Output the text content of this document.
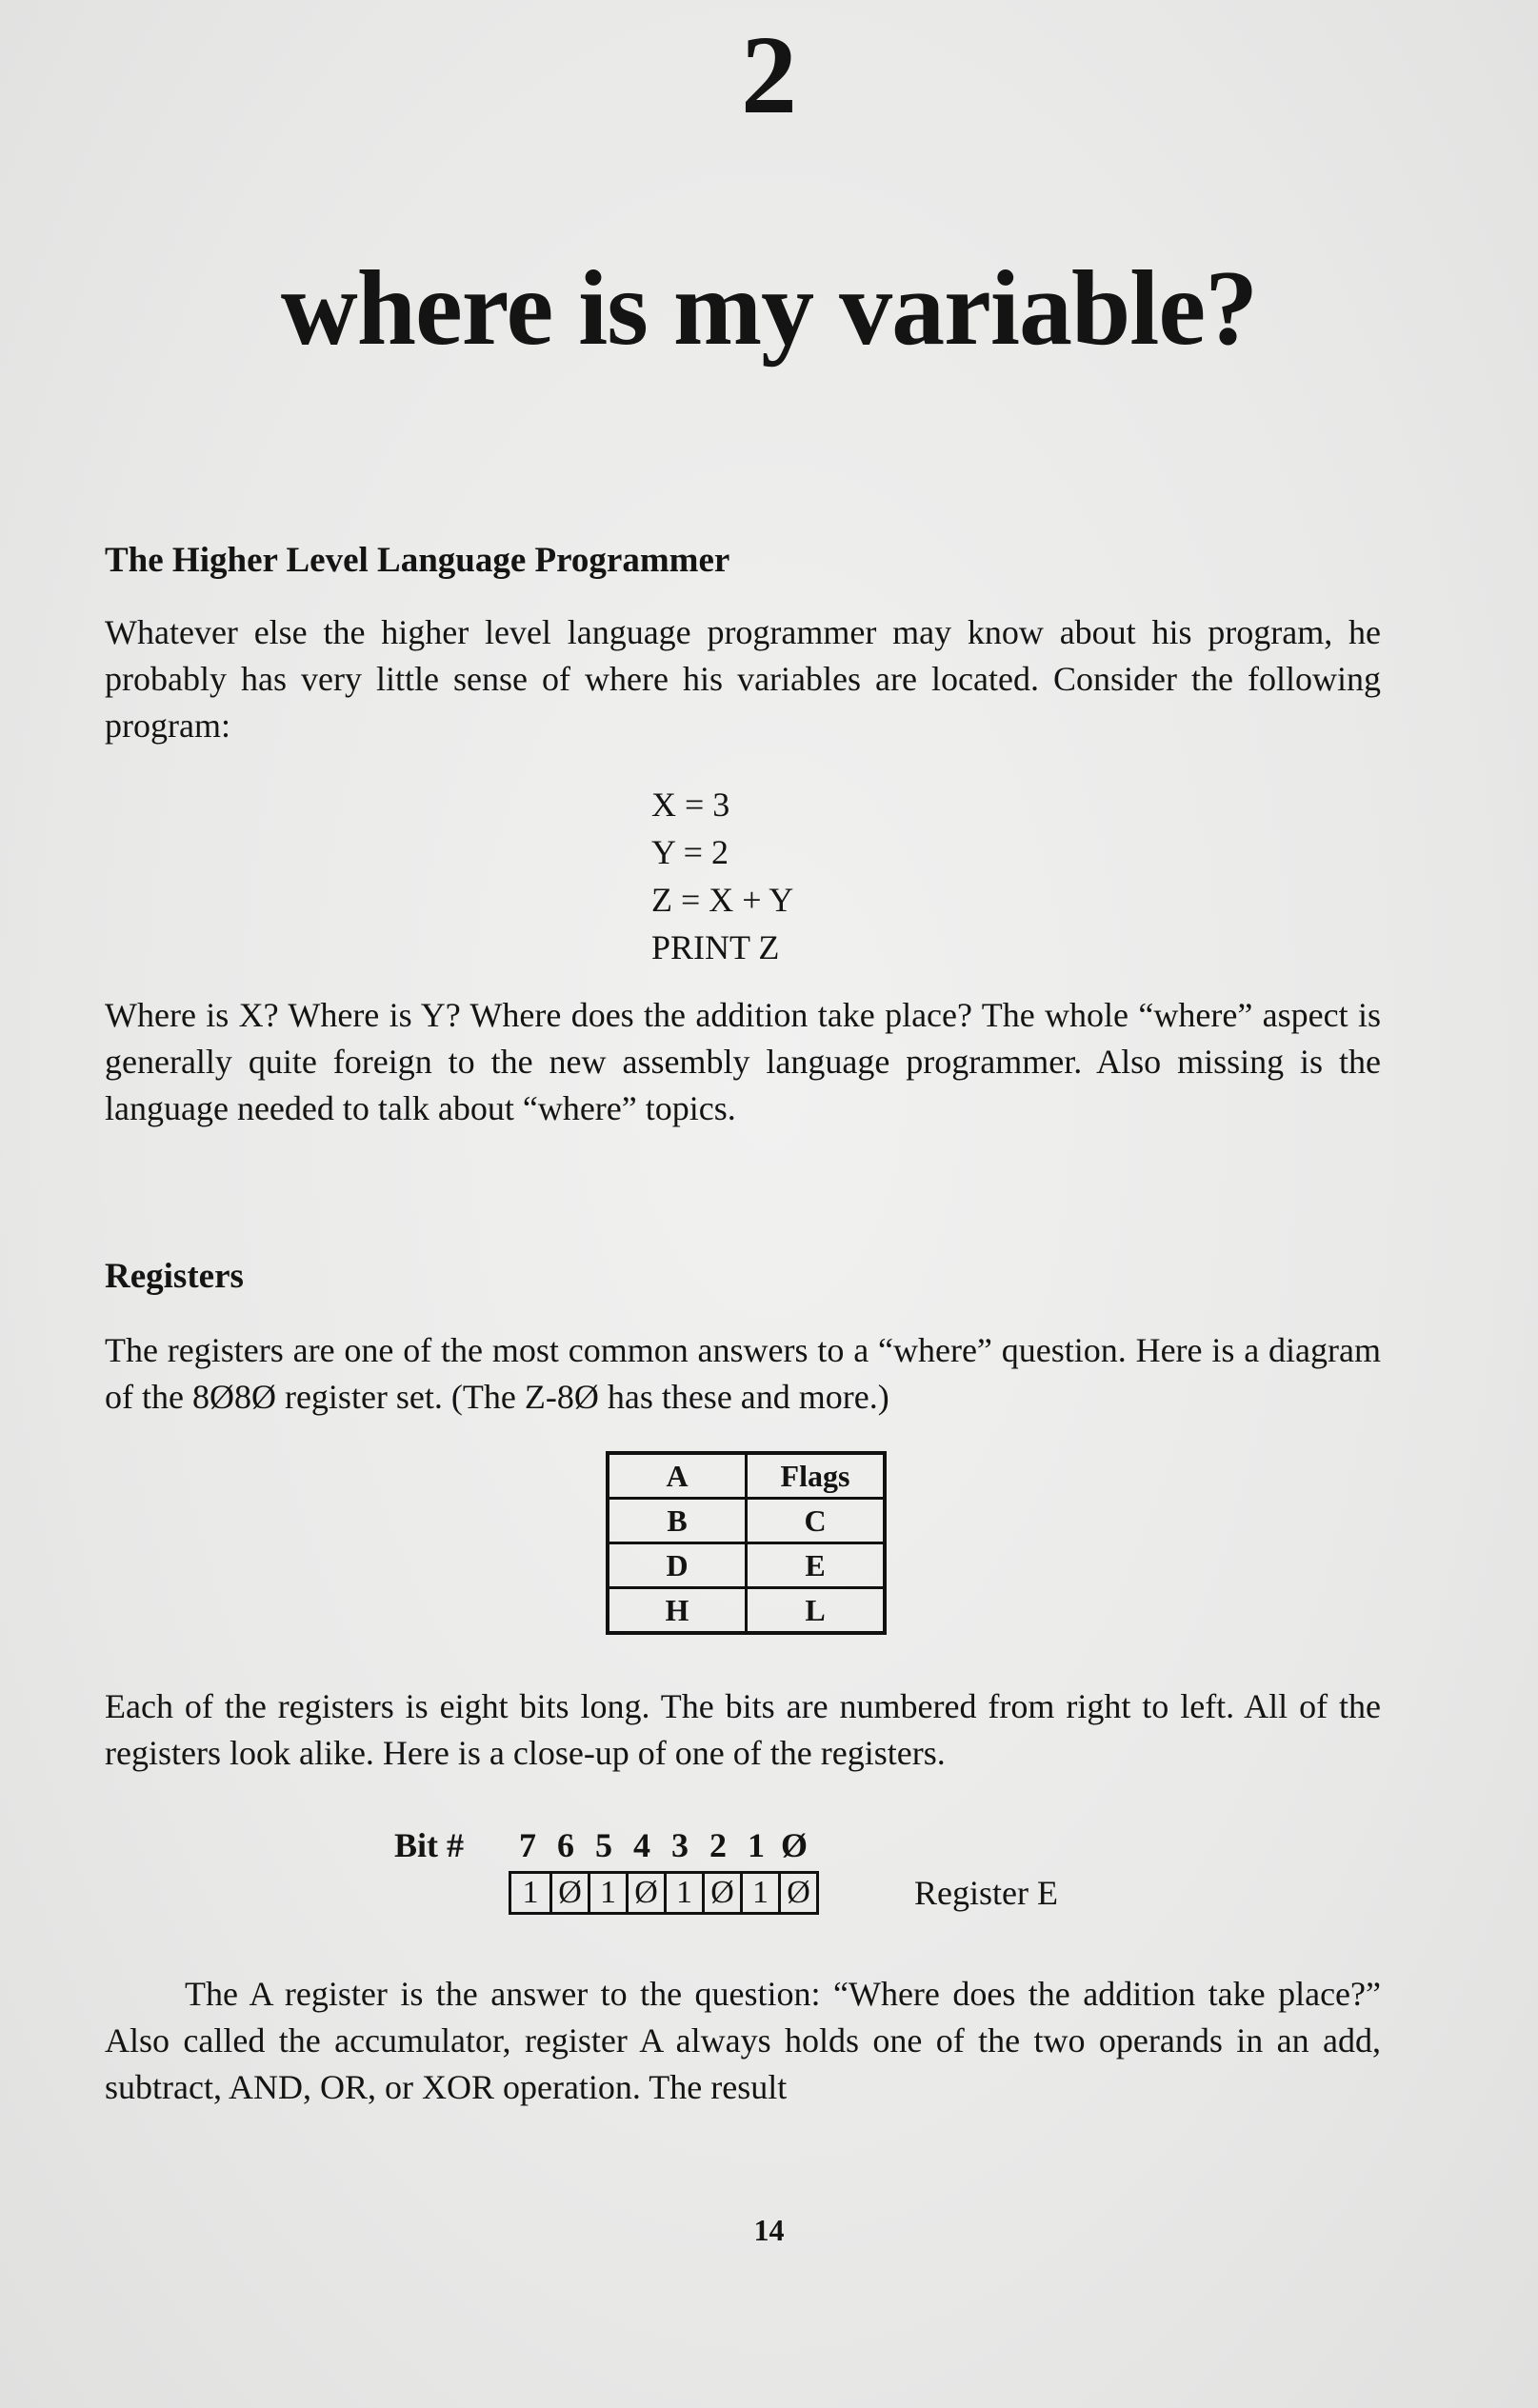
2
where is my variable?
The Higher Level Language Programmer

Whatever else the higher level language programmer may know about his program, he probably has very little sense of where his variables are located. Consider the following program:

X = 3
Y = 2
Z = X + Y
PRINT Z

Where is X? Where is Y? Where does the addition take place? The whole “where” aspect is generally quite foreign to the new assembly language programmer. Also missing is the language needed to talk about “where” topics.

Registers

The registers are one of the most common answers to a “where” question. Here is a diagram of the 8Ø8Ø register set. (The Z-8Ø has these and more.)

A	Flags
B	C
D	E
H	L

Each of the registers is eight bits long. The bits are numbered from right to left. All of the registers look alike. Here is a close-up of one of the registers.

Bit #	7 6 5 4 3 2 1 Ø
1 Ø 1 Ø 1 Ø 1 Ø	Register E

The A register is the answer to the question: “Where does the addition take place?” Also called the accumulator, register A always holds one of the two operands in an add, subtract, AND, OR, or XOR operation. The result

14
